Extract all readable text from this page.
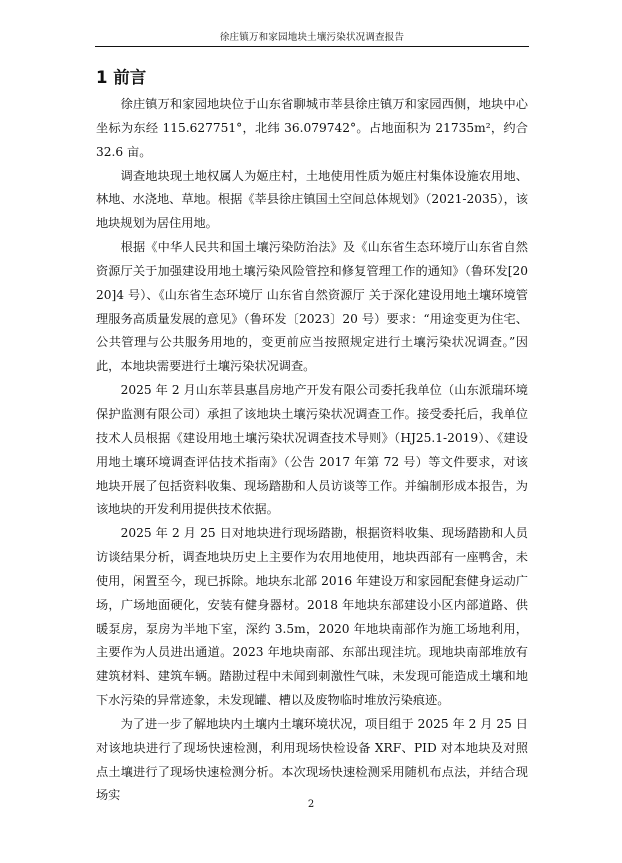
徐庄镇万和家园地块土壤污染状况调查报告
1 前言

徐庄镇万和家园地块位于山东省聊城市莘县徐庄镇万和家园西侧，地块中心坐标为东经 115.627751°，北纬 36.079742°。占地面积为 21735m²，约合 32.6 亩。

调查地块现土地权属人为姬庄村，土地使用性质为姬庄村集体设施农用地、林地、水浇地、草地。根据《莘县徐庄镇国土空间总体规划》（2021-2035），该地块规划为居住用地。

根据《中华人民共和国土壤污染防治法》及《山东省生态环境厅山东省自然资源厅关于加强建设用地土壤污染风险管控和修复管理工作的通知》（鲁环发[2020]4 号）、《山东省生态环境厅 山东省自然资源厅 关于深化建设用地土壤环境管理服务高质量发展的意见》（鲁环发〔2023〕20 号）要求：“用途变更为住宅、公共管理与公共服务用地的，变更前应当按照规定进行土壤污染状况调查。”因此，本地块需要进行土壤污染状况调查。

2025 年 2 月山东莘县惠昌房地产开发有限公司委托我单位（山东派瑞环境保护监测有限公司）承担了该地块土壤污染状况调查工作。接受委托后，我单位技术人员根据《建设用地土壤污染状况调查技术导则》（HJ25.1-2019）、《建设用地土壤环境调查评估技术指南》（公告 2017 年第 72 号）等文件要求，对该地块开展了包括资料收集、现场踏勘和人员访谈等工作。并编制形成本报告，为该地块的开发利用提供技术依据。

2025 年 2 月 25 日对地块进行现场踏勘，根据资料收集、现场踏勘和人员访谈结果分析，调查地块历史上主要作为农用地使用，地块西部有一座鸭舍，未使用，闲置至今，现已拆除。地块东北部 2016 年建设万和家园配套健身运动广场，广场地面硬化，安装有健身器材。2018 年地块东部建设小区内部道路、供暖泵房，泵房为半地下室，深约 3.5m，2020 年地块南部作为施工场地利用，主要作为人员进出通道。2023 年地块南部、东部出现洼坑。现地块南部堆放有建筑材料、建筑车辆。踏勘过程中未闻到刺激性气味，未发现可能造成土壤和地下水污染的异常迹象，未发现罐、槽以及废物临时堆放污染痕迹。

为了进一步了解地块内土壤内土壤环境状况，项目组于 2025 年 2 月 25 日对该地块进行了现场快速检测，利用现场快检设备 XRF、PID 对本地块及对照点土壤进行了现场快速检测分析。本次现场快速检测采用随机布点法，并结合现场实

2
